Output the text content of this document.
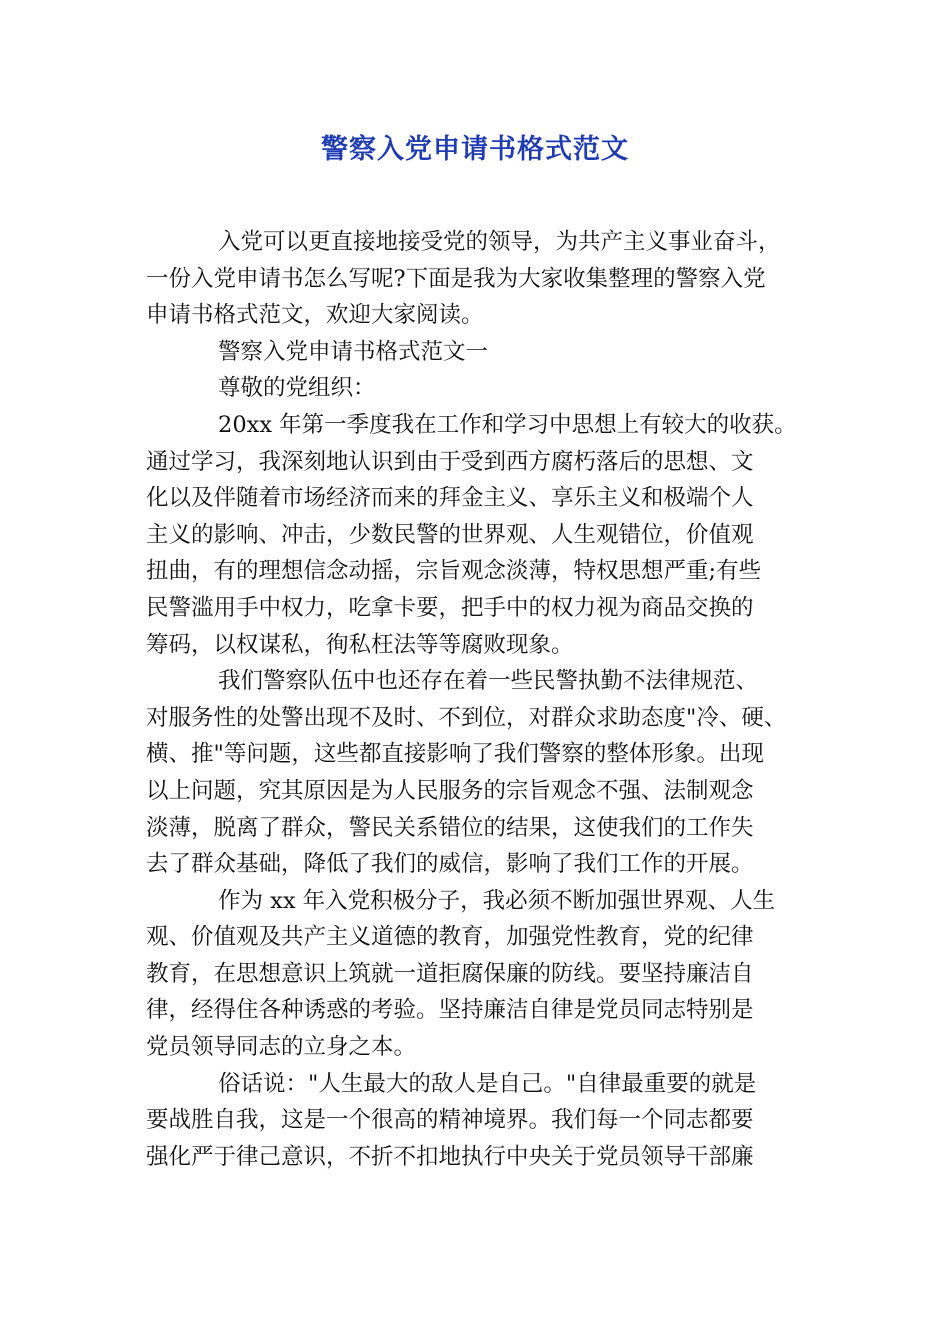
警察入党申请书格式范文
入党可以更直接地接受党的领导，为共产主义事业奋斗，
一份入党申请书怎么写呢?下面是我为大家收集整理的警察入党
申请书格式范文，欢迎大家阅读。
警察入党申请书格式范文一
尊敬的党组织：
20xx 年第一季度我在工作和学习中思想上有较大的收获。
通过学习，我深刻地认识到由于受到西方腐朽落后的思想、文
化以及伴随着市场经济而来的拜金主义、享乐主义和极端个人
主义的影响、冲击，少数民警的世界观、人生观错位，价值观
扭曲，有的理想信念动摇，宗旨观念淡薄，特权思想严重;有些
民警滥用手中权力，吃拿卡要，把手中的权力视为商品交换的
筹码，以权谋私，徇私枉法等等腐败现象。
我们警察队伍中也还存在着一些民警执勤不法律规范、
对服务性的处警出现不及时、不到位，对群众求助态度"冷、硬、
横、推"等问题，这些都直接影响了我们警察的整体形象。出现
以上问题，究其原因是为人民服务的宗旨观念不强、法制观念
淡薄，脱离了群众，警民关系错位的结果，这使我们的工作失
去了群众基础，降低了我们的威信，影响了我们工作的开展。
作为 xx 年入党积极分子，我必须不断加强世界观、人生
观、价值观及共产主义道德的教育，加强党性教育，党的纪律
教育，在思想意识上筑就一道拒腐保廉的防线。要坚持廉洁自
律，经得住各种诱惑的考验。坚持廉洁自律是党员同志特别是
党员领导同志的立身之本。
俗话说："人生最大的敌人是自己。"自律最重要的就是
要战胜自我，这是一个很高的精神境界。我们每一个同志都要
强化严于律己意识，不折不扣地执行中央关于党员领导干部廉
